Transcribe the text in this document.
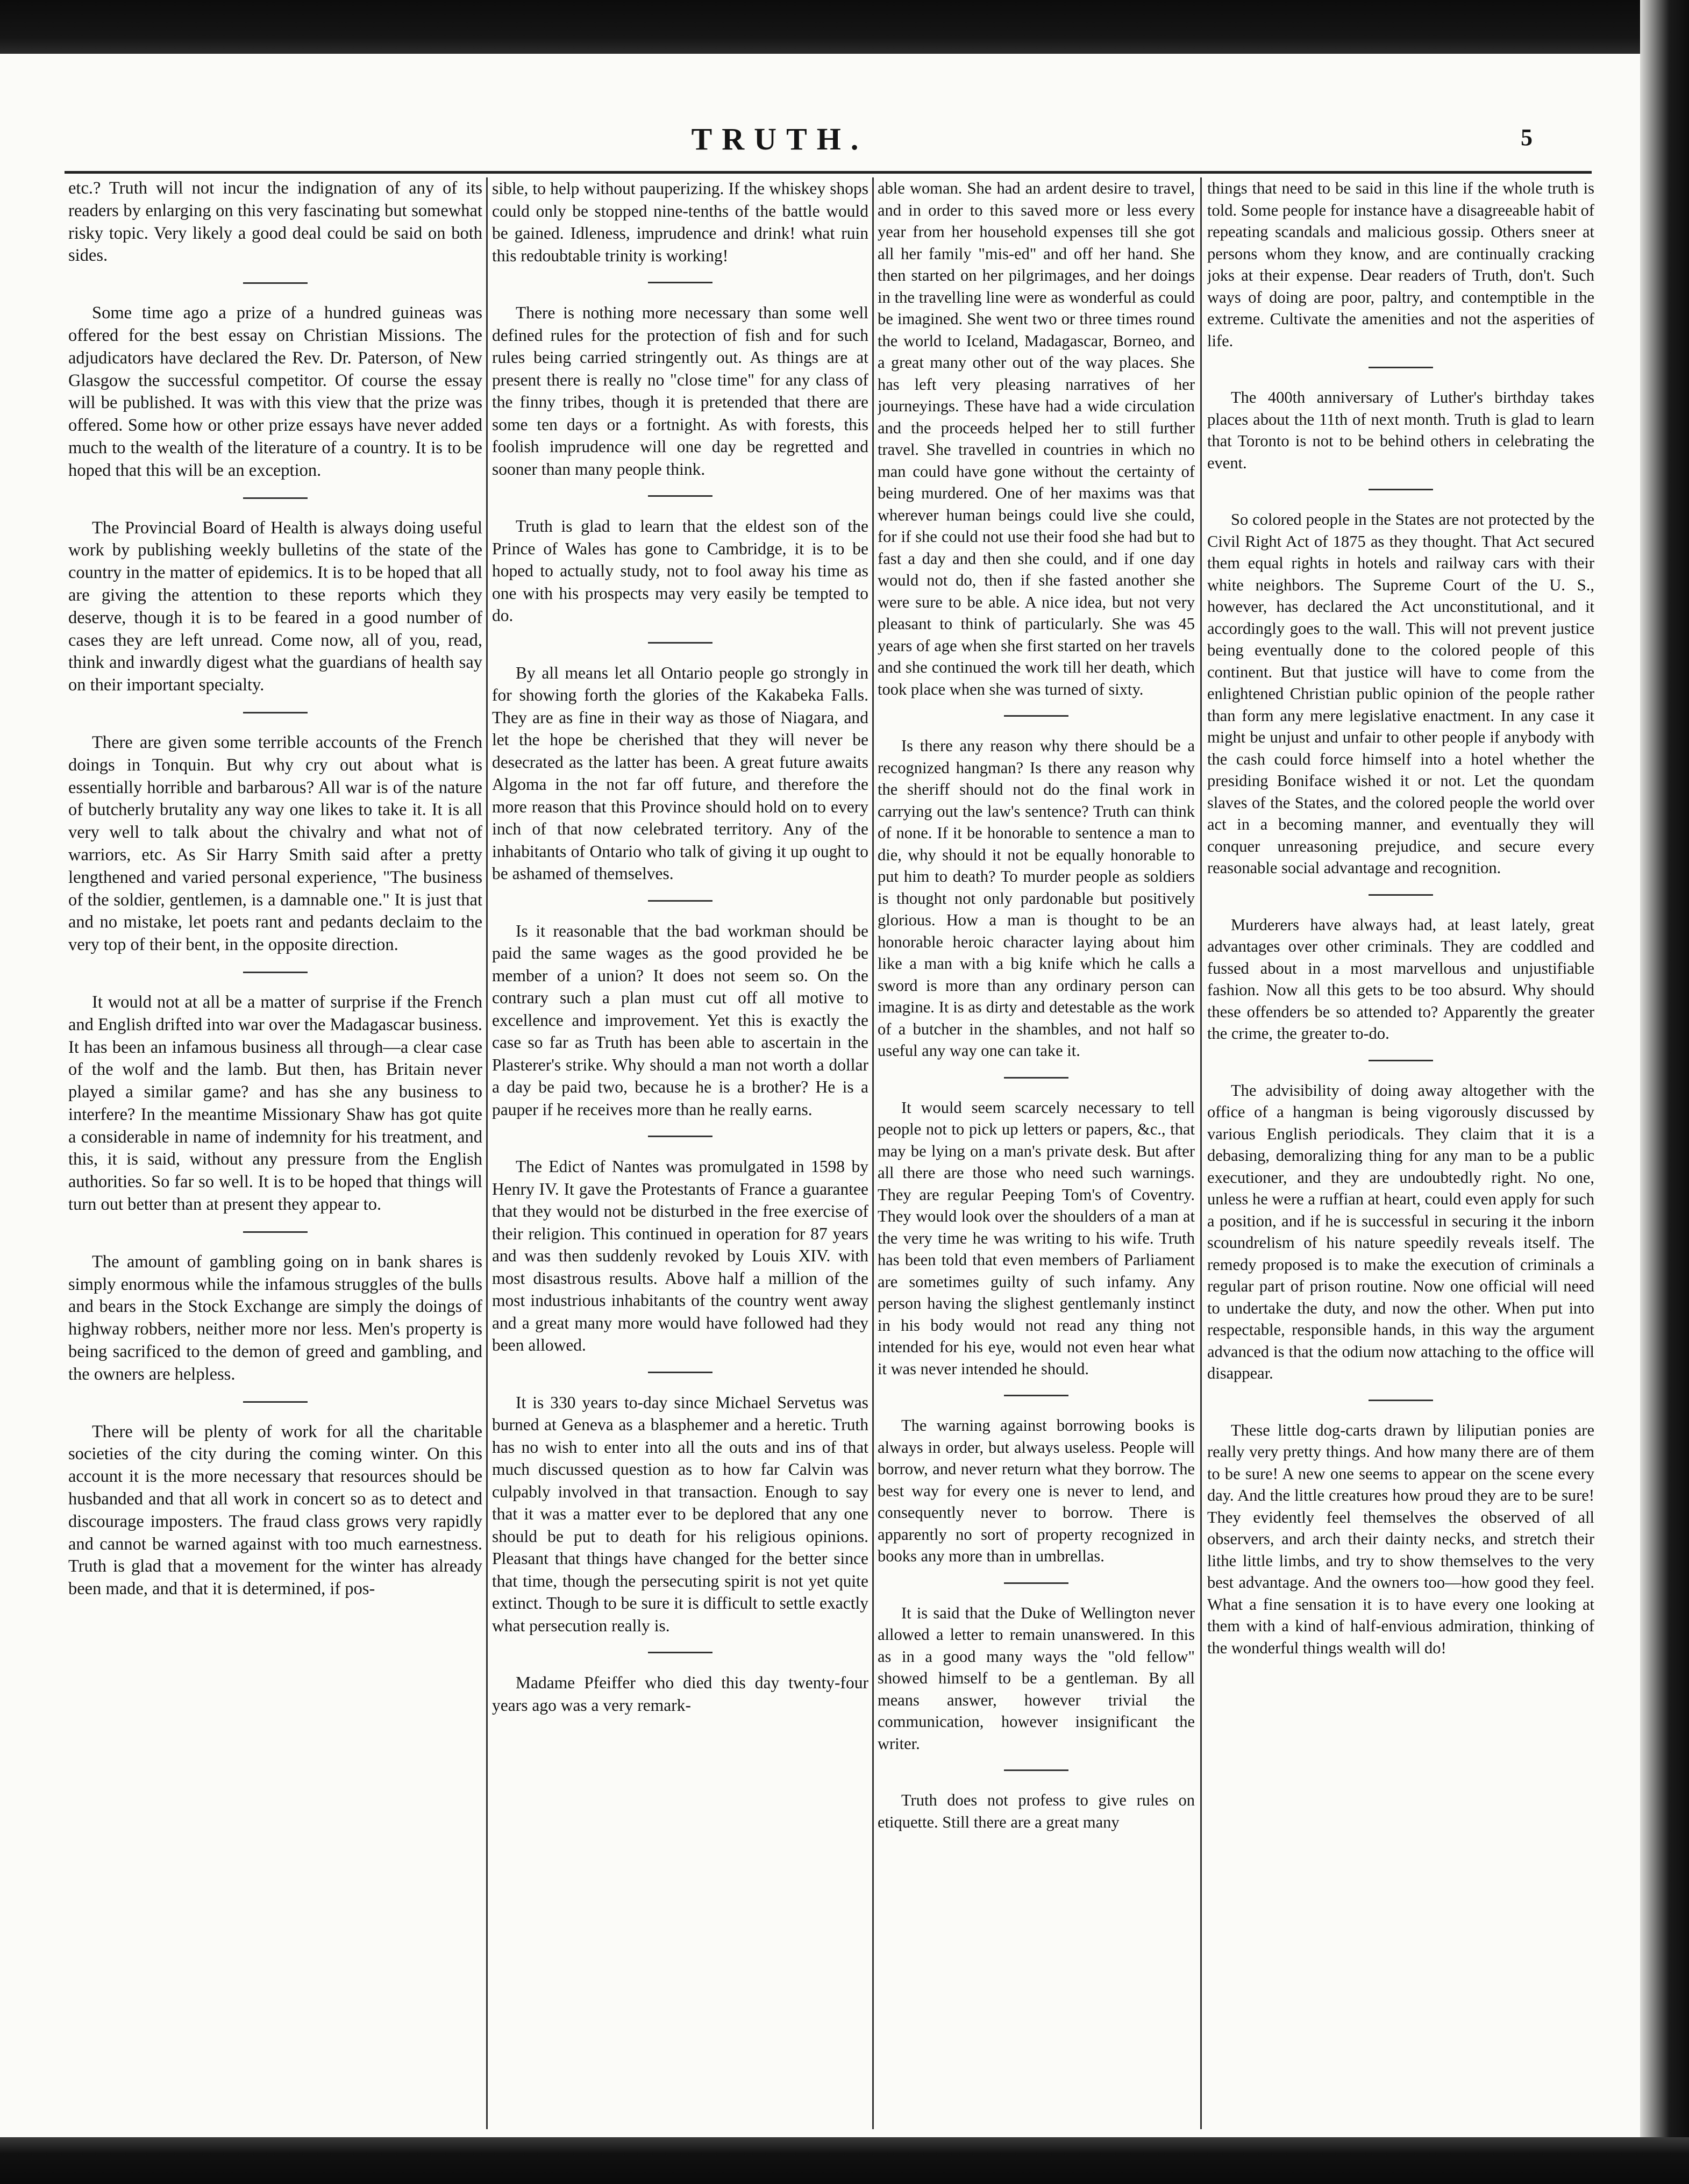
TRUTH.	5

etc.? Truth will not incur the indignation of any of its readers by enlarging on this very fascinating but somewhat risky topic. Very likely a good deal could be said on both sides.

Some time ago a prize of a hundred guineas was offered for the best essay on Christian Missions. The adjudicators have declared the Rev. Dr. Paterson, of New Glasgow the successful competitor. Of course the essay will be published. It was with this view that the prize was offered. Some how or other prize essays have never added much to the wealth of the literature of a country. It is to be hoped that this will be an exception.

The Provincial Board of Health is always doing useful work by publishing weekly bulletins of the state of the country in the matter of epidemics. It is to be hoped that all are giving the attention to these reports which they deserve, though it is to be feared in a good number of cases they are left unread. Come now, all of you, read, think and inwardly digest what the guardians of health say on their important specialty.

There are given some terrible accounts of the French doings in Tonquin. But why cry out about what is essentially horrible and barbarous? All war is of the nature of butcherly brutality any way one likes to take it. It is all very well to talk about the chivalry and what not of warriors, etc. As Sir Harry Smith said after a pretty lengthened and varied personal experience, "The business of the soldier, gentlemen, is a damnable one." It is just that and no mistake, let poets rant and pedants declaim to the very top of their bent, in the opposite direction.

It would not at all be a matter of surprise if the French and English drifted into war over the Madagascar business. It has been an infamous business all through—a clear case of the wolf and the lamb. But then, has Britain never played a similar game? and has she any business to interfere? In the meantime Missionary Shaw has got quite a considerable in name of indemnity for his treatment, and this, it is said, without any pressure from the English authorities. So far so well. It is to be hoped that things will turn out better than at present they appear to.

The amount of gambling going on in bank shares is simply enormous while the infamous struggles of the bulls and bears in the Stock Exchange are simply the doings of highway robbers, neither more nor less. Men's property is being sacrificed to the demon of greed and gambling, and the owners are helpless.

There will be plenty of work for all the charitable societies of the city during the coming winter. On this account it is the more necessary that resources should be husbanded and that all work in concert so as to detect and discourage imposters. The fraud class grows very rapidly and cannot be warned against with too much earnestness. Truth is glad that a movement for the winter has already been made, and that it is determined, if pos-

sible, to help without pauperizing. If the whiskey shops could only be stopped nine-tenths of the battle would be gained. Idleness, imprudence and drink! what ruin this redoubtable trinity is working!

There is nothing more necessary than some well defined rules for the protection of fish and for such rules being carried stringently out. As things are at present there is really no "close time" for any class of the finny tribes, though it is pretended that there are some ten days or a fortnight. As with forests, this foolish imprudence will one day be regretted and sooner than many people think.

Truth is glad to learn that the eldest son of the Prince of Wales has gone to Cambridge, it is to be hoped to actually study, not to fool away his time as one with his prospects may very easily be tempted to do.

By all means let all Ontario people go strongly in for showing forth the glories of the Kakabeka Falls. They are as fine in their way as those of Niagara, and let the hope be cherished that they will never be desecrated as the latter has been. A great future awaits Algoma in the not far off future, and therefore the more reason that this Province should hold on to every inch of that now celebrated territory. Any of the inhabitants of Ontario who talk of giving it up ought to be ashamed of themselves.

Is it reasonable that the bad workman should be paid the same wages as the good provided he be member of a union? It does not seem so. On the contrary such a plan must cut off all motive to excellence and improvement. Yet this is exactly the case so far as Truth has been able to ascertain in the Plasterer's strike. Why should a man not worth a dollar a day be paid two, because he is a brother? He is a pauper if he receives more than he really earns.

The Edict of Nantes was promulgated in 1598 by Henry IV. It gave the Protestants of France a guarantee that they would not be disturbed in the free exercise of their religion. This continued in operation for 87 years and was then suddenly revoked by Louis XIV. with most disastrous results. Above half a million of the most industrious inhabitants of the country went away and a great many more would have followed had they been allowed.

It is 330 years to-day since Michael Servetus was burned at Geneva as a blasphemer and a heretic. Truth has no wish to enter into all the outs and ins of that much discussed question as to how far Calvin was culpably involved in that transaction. Enough to say that it was a matter ever to be deplored that any one should be put to death for his religious opinions. Pleasant that things have changed for the better since that time, though the persecuting spirit is not yet quite extinct. Though to be sure it is difficult to settle exactly what persecution really is.

Madame Pfeiffer who died this day twenty-four years ago was a very remark-

able woman. She had an ardent desire to travel, and in order to this saved more or less every year from her household expenses till she got all her family "mis-ed" and off her hand. She then started on her pilgrimages, and her doings in the travelling line were as wonderful as could be imagined. She went two or three times round the world to Iceland, Madagascar, Borneo, and a great many other out of the way places. She has left very pleasing narratives of her journeyings. These have had a wide circulation and the proceeds helped her to still further travel. She travelled in countries in which no man could have gone without the certainty of being murdered. One of her maxims was that wherever human beings could live she could, for if she could not use their food she had but to fast a day and then she could, and if one day would not do, then if she fasted another she were sure to be able. A nice idea, but not very pleasant to think of particularly. She was 45 years of age when she first started on her travels and she continued the work till her death, which took place when she was turned of sixty.

Is there any reason why there should be a recognized hangman? Is there any reason why the sheriff should not do the final work in carrying out the law's sentence? Truth can think of none. If it be honorable to sentence a man to die, why should it not be equally honorable to put him to death? To murder people as soldiers is thought not only pardonable but positively glorious. How a man is thought to be an honorable heroic character laying about him like a man with a big knife which he calls a sword is more than any ordinary person can imagine. It is as dirty and detestable as the work of a butcher in the shambles, and not half so useful any way one can take it.

It would seem scarcely necessary to tell people not to pick up letters or papers, &c., that may be lying on a man's private desk. But after all there are those who need such warnings. They are regular Peeping Tom's of Coventry. They would look over the shoulders of a man at the very time he was writing to his wife. Truth has been told that even members of Parliament are sometimes guilty of such infamy. Any person having the slighest gentlemanly instinct in his body would not read any thing not intended for his eye, would not even hear what it was never intended he should.

The warning against borrowing books is always in order, but always useless. People will borrow, and never return what they borrow. The best way for every one is never to lend, and consequently never to borrow. There is apparently no sort of property recognized in books any more than in umbrellas.

It is said that the Duke of Wellington never allowed a letter to remain unanswered. In this as in a good many ways the "old fellow" showed himself to be a gentleman. By all means answer, however trivial the communication, however insignificant the writer.

Truth does not profess to give rules on etiquette. Still there are a great many

things that need to be said in this line if the whole truth is told. Some people for instance have a disagreeable habit of repeating scandals and malicious gossip. Others sneer at persons whom they know, and are continually cracking joks at their expense. Dear readers of Truth, don't. Such ways of doing are poor, paltry, and contemptible in the extreme. Cultivate the amenities and not the asperities of life.

The 400th anniversary of Luther's birthday takes places about the 11th of next month. Truth is glad to learn that Toronto is not to be behind others in celebrating the event.

So colored people in the States are not protected by the Civil Right Act of 1875 as they thought. That Act secured them equal rights in hotels and railway cars with their white neighbors. The Supreme Court of the U. S., however, has declared the Act unconstitutional, and it accordingly goes to the wall. This will not prevent justice being eventually done to the colored people of this continent. But that justice will have to come from the enlightened Christian public opinion of the people rather than form any mere legislative enactment. In any case it might be unjust and unfair to other people if anybody with the cash could force himself into a hotel whether the presiding Boniface wished it or not. Let the quondam slaves of the States, and the colored people the world over act in a becoming manner, and eventually they will conquer unreasoning prejudice, and secure every reasonable social advantage and recognition.

Murderers have always had, at least lately, great advantages over other criminals. They are coddled and fussed about in a most marvellous and unjustifiable fashion. Now all this gets to be too absurd. Why should these offenders be so attended to? Apparently the greater the crime, the greater to-do.

The advisibility of doing away altogether with the office of a hangman is being vigorously discussed by various English periodicals. They claim that it is a debasing, demoralizing thing for any man to be a public executioner, and they are undoubtedly right. No one, unless he were a ruffian at heart, could even apply for such a position, and if he is successful in securing it the inborn scoundrelism of his nature speedily reveals itself. The remedy proposed is to make the execution of criminals a regular part of prison routine. Now one official will need to undertake the duty, and now the other. When put into respectable, responsible hands, in this way the argument advanced is that the odium now attaching to the office will disappear.

These little dog-carts drawn by liliputian ponies are really very pretty things. And how many there are of them to be sure! A new one seems to appear on the scene every day. And the little creatures how proud they are to be sure! They evidently feel themselves the observed of all observers, and arch their dainty necks, and stretch their lithe little limbs, and try to show themselves to the very best advantage. And the owners too—how good they feel. What a fine sensation it is to have every one looking at them with a kind of half-envious admiration, thinking of the wonderful things wealth will do!
